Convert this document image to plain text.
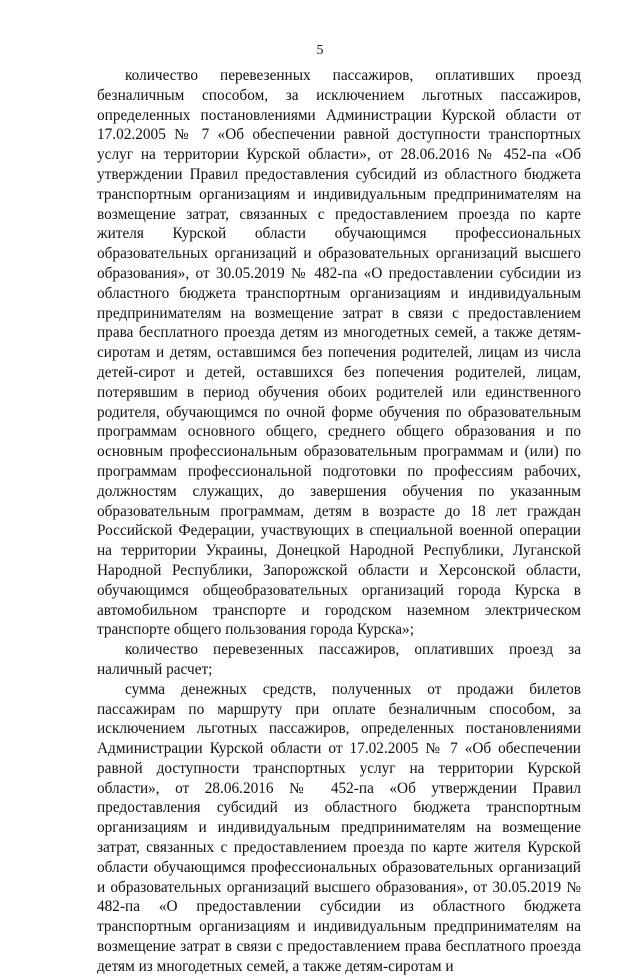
5

количество перевезенных пассажиров, оплативших проезд безналичным способом, за исключением льготных пассажиров, определенных постановлениями Администрации Курской области от 17.02.2005 № 7 «Об обеспечении равной доступности транспортных услуг на территории Курской области», от 28.06.2016 № 452-па «Об утверждении Правил предоставления субсидий из областного бюджета транспортным организациям и индивидуальным предпринимателям на возмещение затрат, связанных с предоставлением проезда по карте жителя Курской области обучающимся профессиональных образовательных организаций и образовательных организаций высшего образования», от 30.05.2019 № 482-па «О предоставлении субсидии из областного бюджета транспортным организациям и индивидуальным предпринимателям на возмещение затрат в связи с предоставлением права бесплатного проезда детям из многодетных семей, а также детям-сиротам и детям, оставшимся без попечения родителей, лицам из числа детей-сирот и детей, оставшихся без попечения родителей, лицам, потерявшим в период обучения обоих родителей или единственного родителя, обучающимся по очной форме обучения по образовательным программам основного общего, среднего общего образования и по основным профессиональным образовательным программам и (или) по программам профессиональной подготовки по профессиям рабочих, должностям служащих, до завершения обучения по указанным образовательным программам, детям в возрасте до 18 лет граждан Российской Федерации, участвующих в специальной военной операции на территории Украины, Донецкой Народной Республики, Луганской Народной Республики, Запорожской области и Херсонской области, обучающимся общеобразовательных организаций города Курска в автомобильном транспорте и городском наземном электрическом транспорте общего пользования города Курска»;

количество перевезенных пассажиров, оплативших проезд за наличный расчет;

сумма денежных средств, полученных от продажи билетов пассажирам по маршруту при оплате безналичным способом, за исключением льготных пассажиров, определенных постановлениями Администрации Курской области от 17.02.2005 № 7 «Об обеспечении равной доступности транспортных услуг на территории Курской области», от 28.06.2016 № 452-па «Об утверждении Правил предоставления субсидий из областного бюджета транспортным организациям и индивидуальным предпринимателям на возмещение затрат, связанных с предоставлением проезда по карте жителя Курской области обучающимся профессиональных образовательных организаций и образовательных организаций высшего образования», от 30.05.2019 № 482-па «О предоставлении субсидии из областного бюджета транспортным организациям и индивидуальным предпринимателям на возмещение затрат в связи с предоставлением права бесплатного проезда детям из многодетных семей, а также детям-сиротам и
